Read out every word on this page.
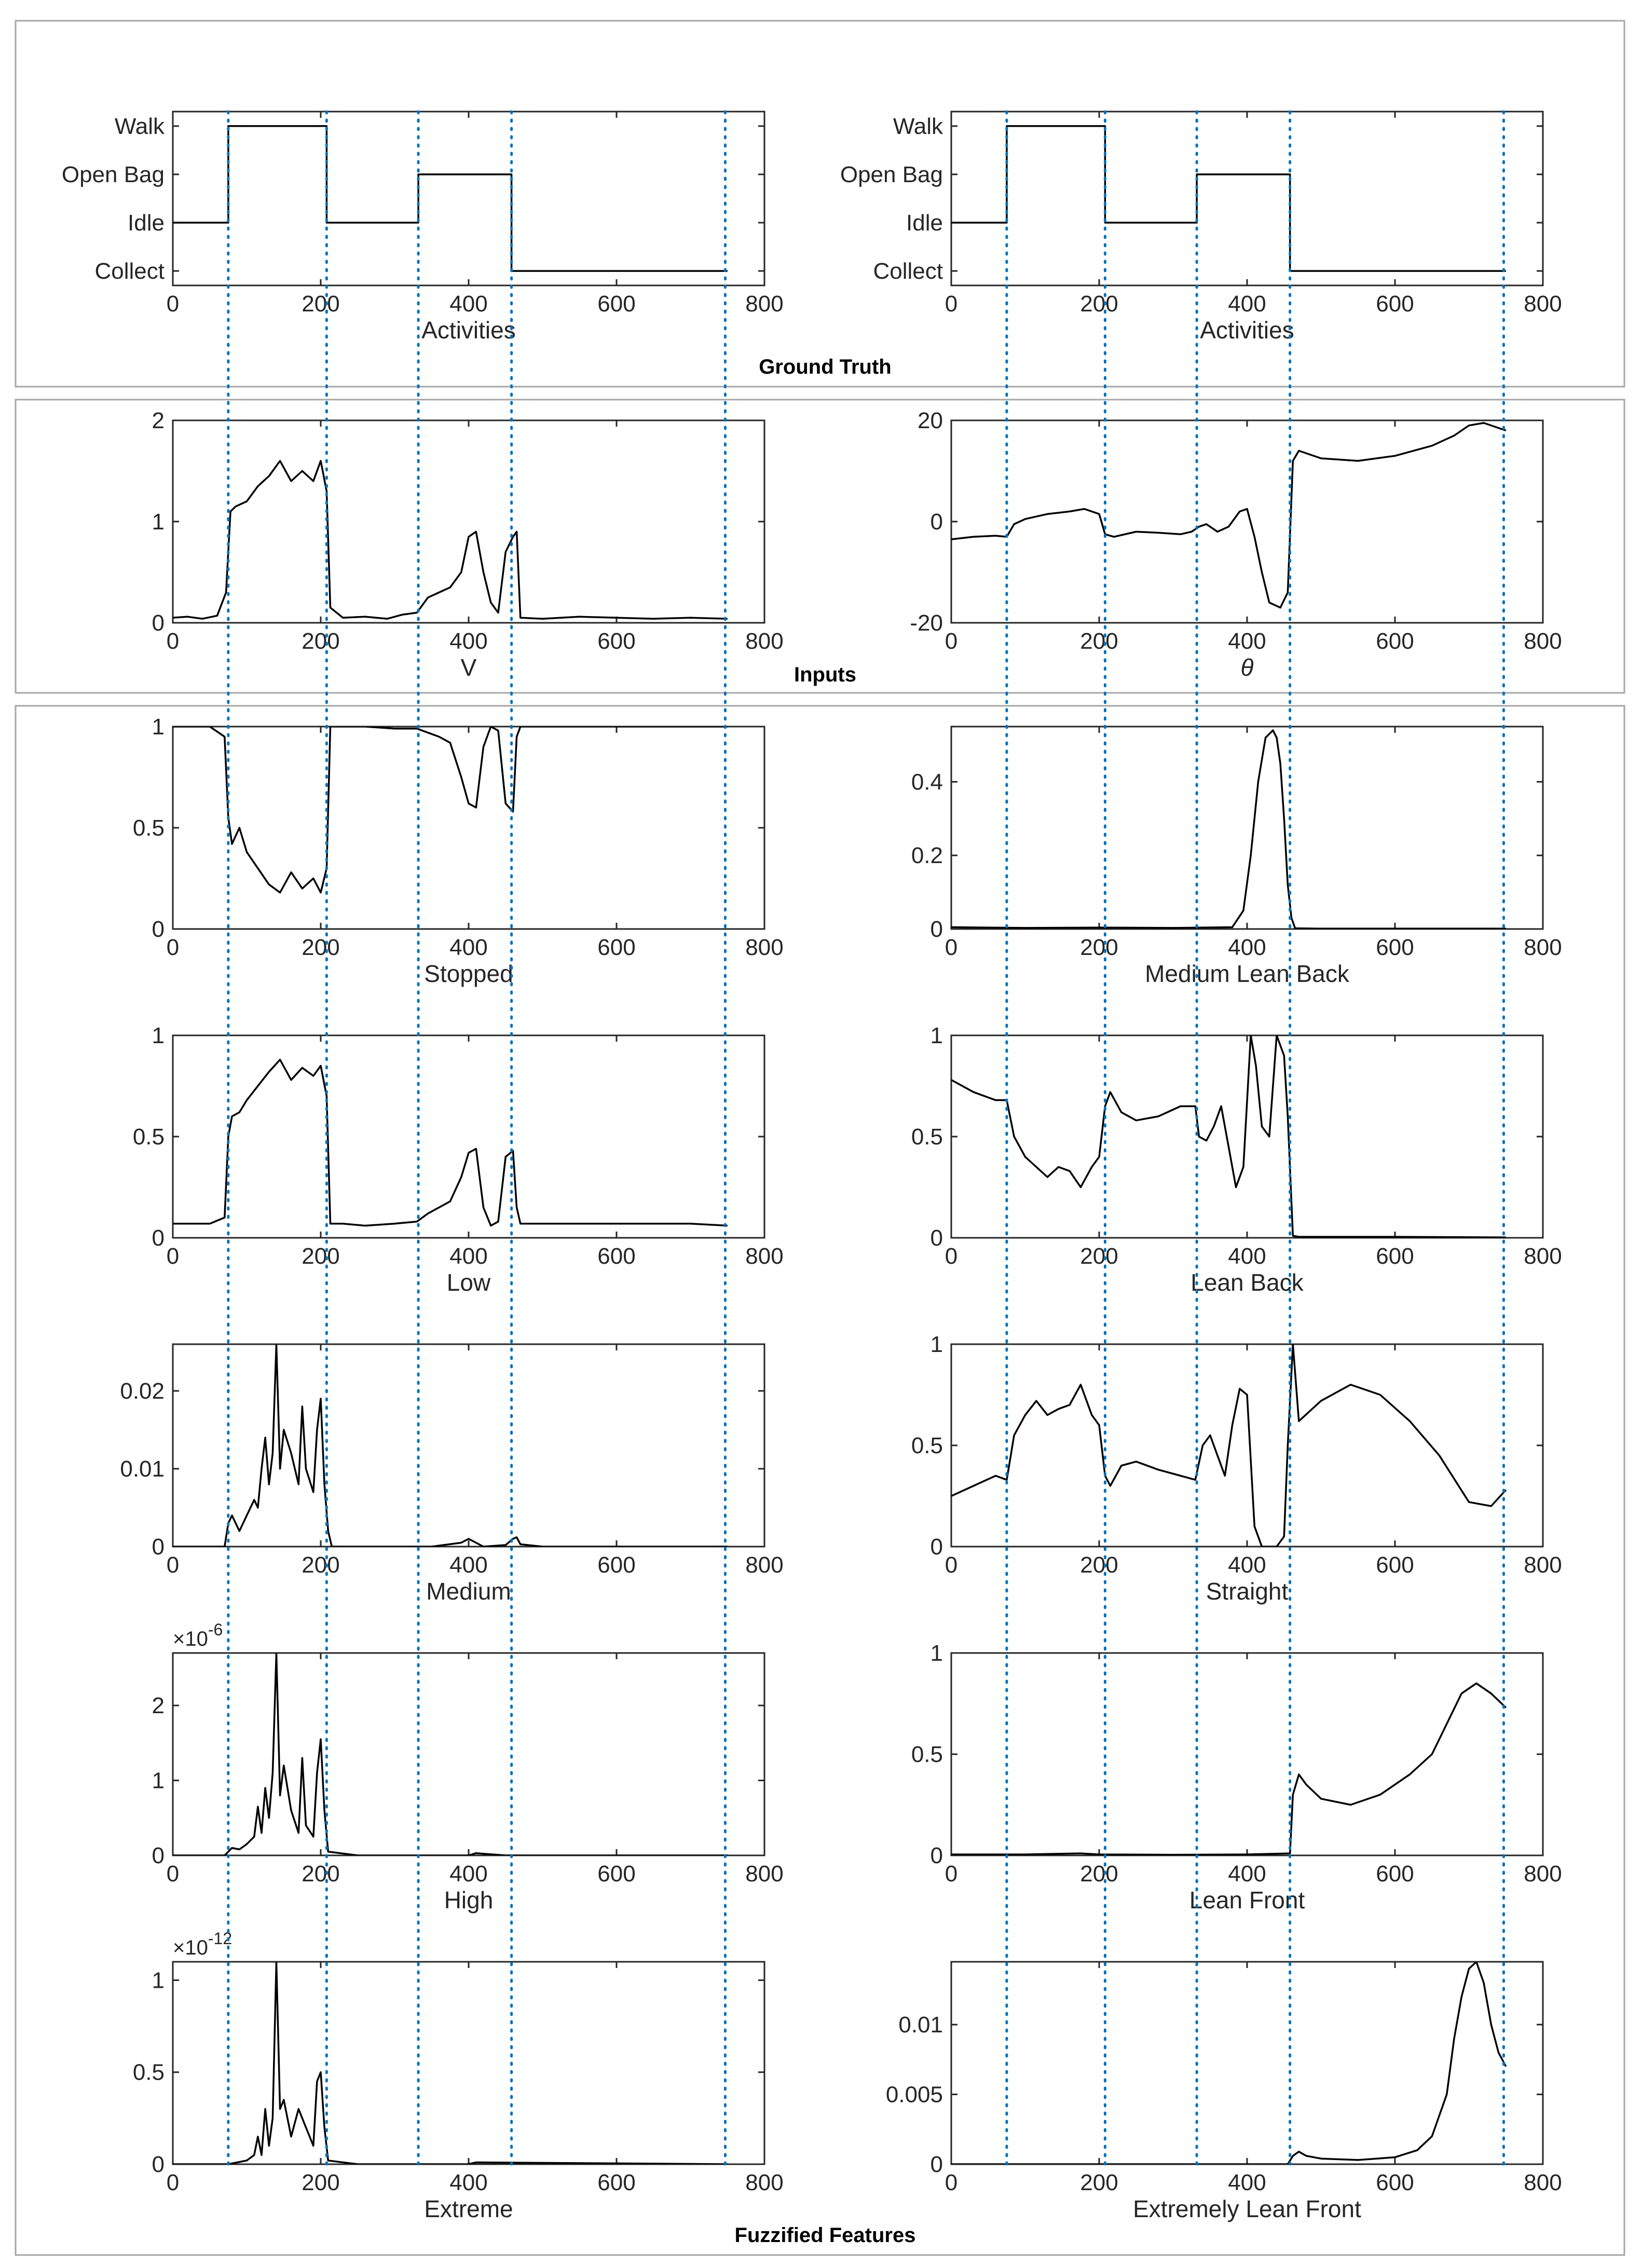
Ground Truth
Inputs
Fuzzified Features
0	200	400	600	800
Collect
Idle
Open Bag
Walk
Activities
0	200	400	600	800
Collect
Idle
Open Bag
Walk
Activities
0	200	400	600	800
0
1
2
V
0	200	400	600	800
-20
0
20
θ
0	200	400	600	800
0
0.5
1
Stopped
0	200	400	600	800
0
0.2
0.4
Medium Lean Back
0	200	400	600	800
0
0.5
1
Low
0	200	400	600	800
0
0.5
1
Lean Back
0	200	400	600	800
0
0.01
0.02
Medium
0	200	400	600	800
0
0.5
1
Straight
0	200	400	600	800
0
1
2
High
$\times 10^{-6}$
0	200	400	600	800
0
0.5
1
Lean Front
0	200	400	600	800
0
0.5
1
Extreme
$\times 10^{-12}$
0	200	400	600	800
0
0.005
0.01
Extremely Lean Front
